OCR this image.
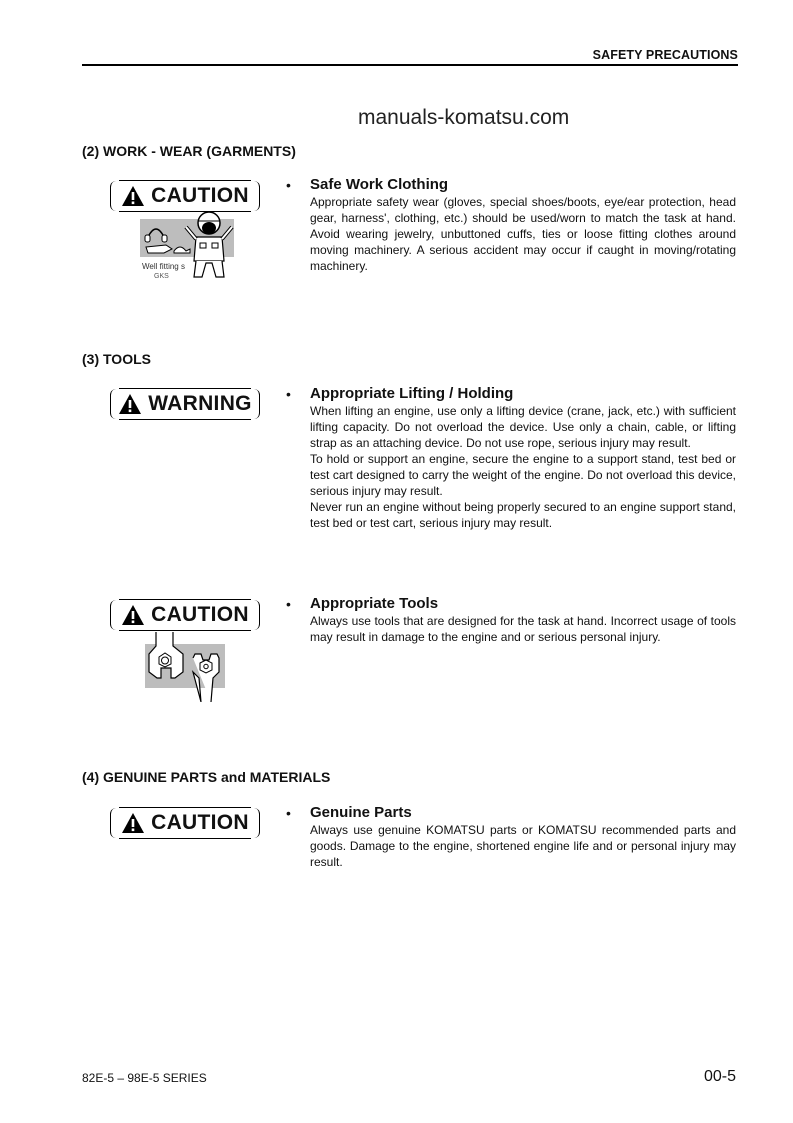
SAFETY PRECAUTIONS
manuals-komatsu.com
(2) WORK - WEAR (GARMENTS)
CAUTION
Well fitting s
GKS
• Safe Work Clothing

Appropriate safety wear (gloves, special shoes/boots, eye/ear protection, head gear, harness', clothing, etc.) should be used/worn to match the task at hand. Avoid wearing jewelry, unbuttoned cuffs, ties or loose fitting clothes around moving machinery. A serious accident may occur if caught in moving/rotating machinery.

(3) TOOLS
WARNING • Appropriate Lifting / Holding

When lifting an engine, use only a lifting device (crane, jack, etc.) with sufficient lifting capacity. Do not overload the device. Use only a chain, cable, or lifting strap as an attaching device. Do not use rope, serious injury may result.

To hold or support an engine, secure the engine to a support stand, test bed or test cart designed to carry the weight of the engine. Do not overload this device, serious injury may result.

Never run an engine without being properly secured to an engine support stand, test bed or test cart, serious injury may result.

CAUTION	• Appropriate Tools

Always use tools that are designed for the task at hand. Incorrect usage of tools may result in damage to the engine and or serious personal injury.

(4) GENUINE PARTS and MATERIALS
CAUTION	• Genuine Parts

Always use genuine KOMATSU parts or KOMATSU recommended parts and goods. Damage to the engine, shortened engine life and or personal injury may result.

82E-5 – 98E-5 SERIES	00-5
